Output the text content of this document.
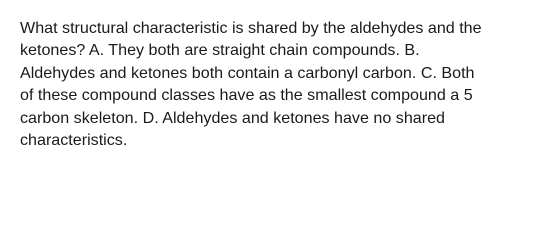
What structural characteristic is shared by the aldehydes and the
ketones? A. They both are straight chain compounds. B.
Aldehydes and ketones both contain a carbonyl carbon. C. Both
of these compound classes have as the smallest compound a 5
carbon skeleton. D. Aldehydes and ketones have no shared
characteristics.
